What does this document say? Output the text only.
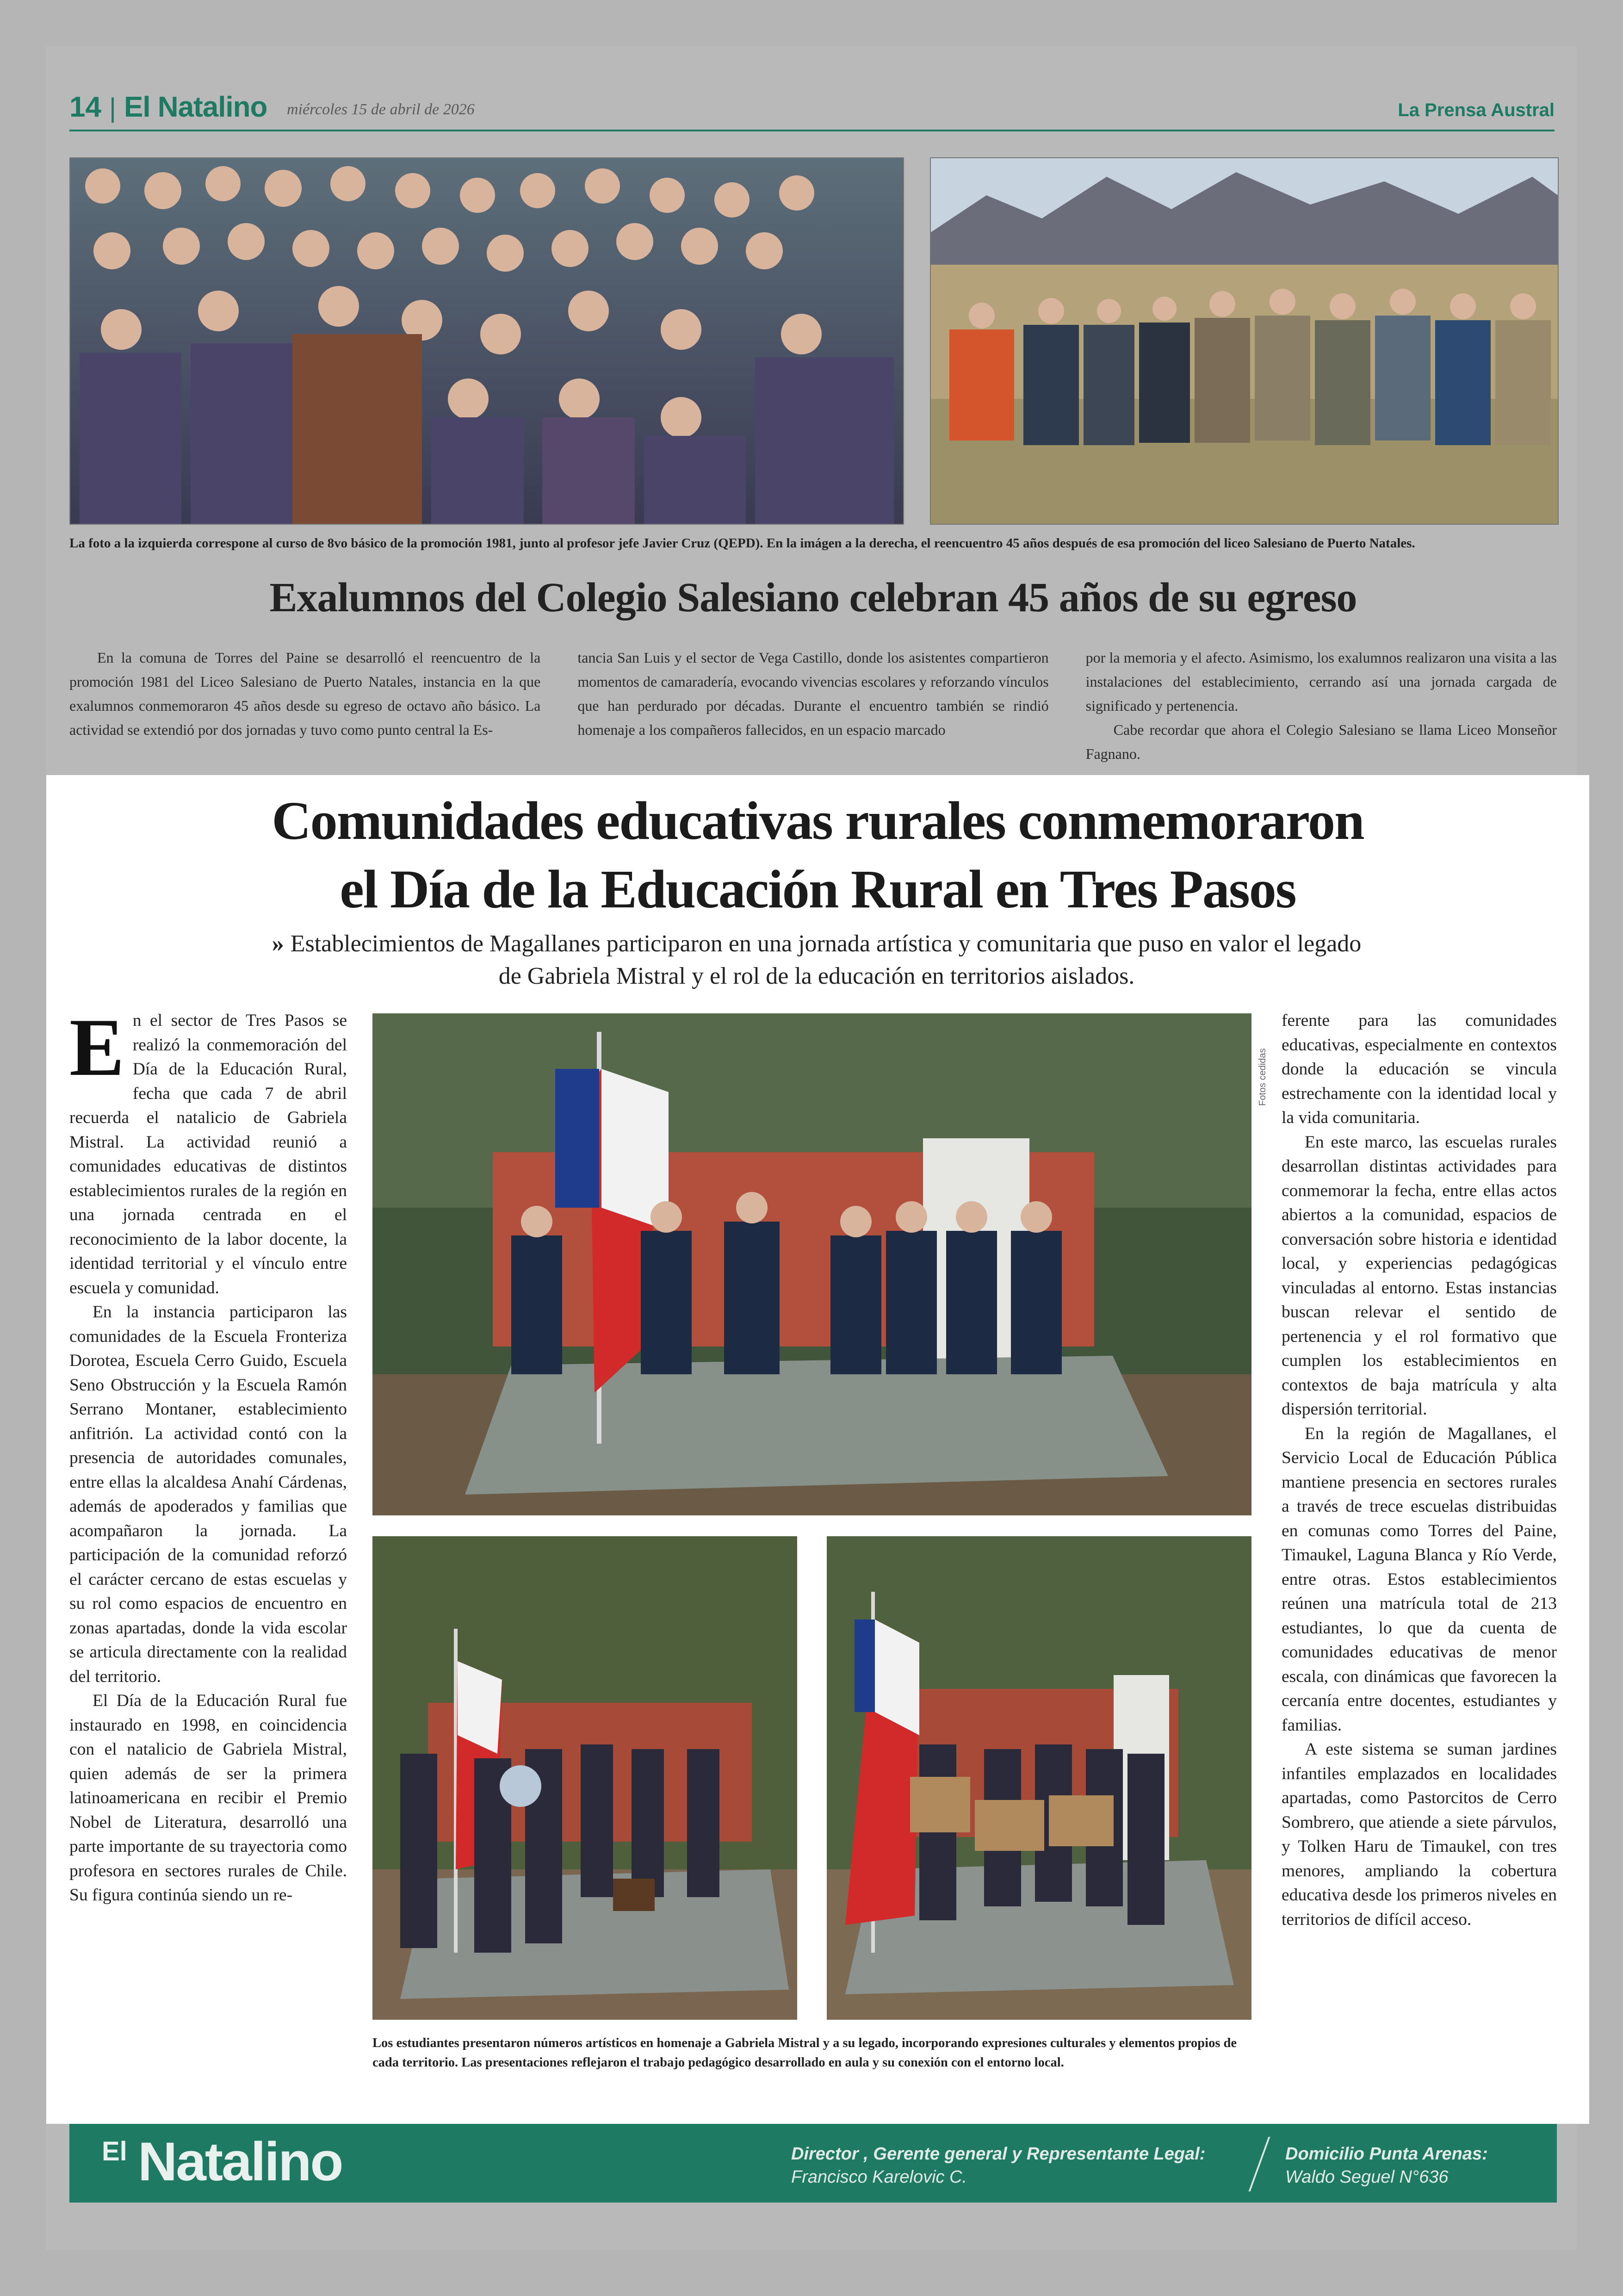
14 | El Natalino miércoles 15 de abril de 2026	La Prensa Austral
La foto a la izquierda correspone al curso de 8vo básico de la promoción 1981, junto al profesor jefe Javier Cruz (QEPD). En la imágen a la derecha, el reencuentro 45 años después de esa promoción del liceo Salesiano de Puerto Natales.
Exalumnos del Colegio Salesiano celebran 45 años de su egreso

En la comuna de Torres del Paine se desarrolló el reencuentro de la promoción 1981 del Liceo Salesiano de Puerto Natales, instancia en la que exalumnos conmemoraron 45 años desde su egreso de octavo año básico. La actividad se extendió por dos jornadas y tuvo como punto central la Es-

tancia San Luis y el sector de Vega Castillo, donde los asistentes compartieron momentos de camaradería, evocando vivencias escolares y reforzando vínculos que han perdurado por décadas. Durante el encuentro también se rindió homenaje a los compañeros fallecidos, en un espacio marcado

por la memoria y el afecto. Asimismo, los exalumnos realizaron una visita a las instalaciones del establecimiento, cerrando así una jornada cargada de significado y pertenencia.

Cabe recordar que ahora el Colegio Salesiano se llama Liceo Monseñor Fagnano.

Comunidades educativas rurales conmemoraron
el Día de la Educación Rural en Tres Pasos
» Establecimientos de Magallanes participaron en una jornada artística y comunitaria que puso en valor el legado de Gabriela Mistral y el rol de la educación en territorios aislados.

En el sector de Tres Pasos se realizó la conmemoración del Día de la Educación Rural, fecha que cada 7 de abril recuerda el natalicio de Gabriela Mistral. La actividad reunió a comunidades educativas de distintos establecimientos rurales de la región en una jornada centrada en el reconocimiento de la labor docente, la identidad territorial y el vínculo entre escuela y comunidad.

En la instancia participaron las comunidades de la Escuela Fronteriza Dorotea, Escuela Cerro Guido, Escuela Seno Obstrucción y la Escuela Ramón Serrano Montaner, establecimiento anfitrión. La actividad contó con la presencia de autoridades comunales, entre ellas la alcaldesa Anahí Cárdenas, además de apoderados y familias que acompañaron la jornada. La participación de la comunidad reforzó el carácter cercano de estas escuelas y su rol como espacios de encuentro en zonas apartadas, donde la vida escolar se articula directamente con la realidad del territorio.

El Día de la Educación Rural fue instaurado en 1998, en coincidencia con el natalicio de Gabriela Mistral, quien además de ser la primera latinoamericana en recibir el Premio Nobel de Literatura, desarrolló una parte importante de su trayectoria como profesora en sectores rurales de Chile. Su figura continúa siendo un re-

Fotos cedidas

ferente para las comunidades educativas, especialmente en contextos donde la educación se vincula estrechamente con la identidad local y la vida comunitaria.

En este marco, las escuelas rurales desarrollan distintas actividades para conmemorar la fecha, entre ellas actos abiertos a la comunidad, espacios de conversación sobre historia e identidad local, y experiencias pedagógicas vinculadas al entorno. Estas instancias buscan relevar el sentido de pertenencia y el rol formativo que cumplen los establecimientos en contextos de baja matrícula y alta dispersión territorial.

En la región de Magallanes, el Servicio Local de Educación Pública mantiene presencia en sectores rurales a través de trece escuelas distribuidas en comunas como Torres del Paine, Timaukel, Laguna Blanca y Río Verde, entre otras. Estos establecimientos reúnen una matrícula total de 213 estudiantes, lo que da cuenta de comunidades educativas de menor escala, con dinámicas que favorecen la cercanía entre docentes, estudiantes y familias.

A este sistema se suman jardines infantiles emplazados en localidades apartadas, como Pastorcitos de Cerro Sombrero, que atiende a siete párvulos, y Tolken Haru de Timaukel, con tres menores, ampliando la cobertura educativa desde los primeros niveles en territorios de difícil acceso.

Los estudiantes presentaron números artísticos en homenaje a Gabriela Mistral y a su legado, incorporando expresiones culturales y elementos propios de cada territorio. Las presentaciones reflejaron el trabajo pedagógico desarrollado en aula y su conexión con el entorno local.
El Natalino	Director , Gerente general y Representante Legal:
Francisco Karelovic C.
Domicilio Punta Arenas:
Waldo Seguel N°636
